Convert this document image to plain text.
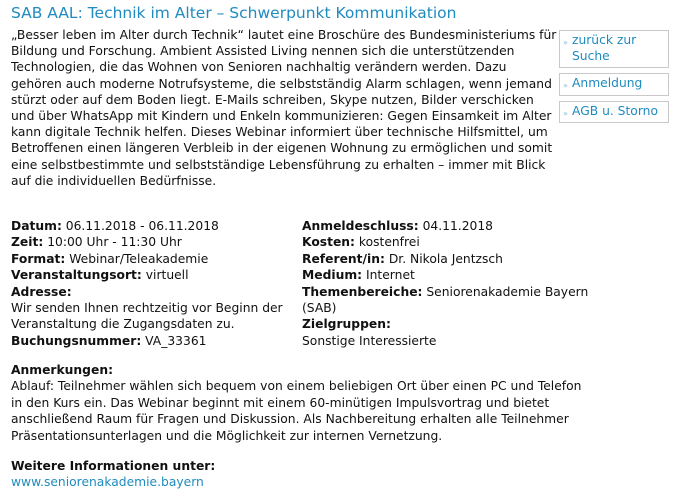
SAB AAL: Technik im Alter – Schwerpunkt Kommunikation

„Besser leben im Alter durch Technik“ lautet eine Broschüre des Bundesministeriums für Bildung und Forschung. Ambient Assisted Living nennen sich die unterstützenden Technologien, die das Wohnen von Senioren nachhaltig verändern werden. Dazu gehören auch moderne Notrufsysteme, die selbstständig Alarm schlagen, wenn jemand stürzt oder auf dem Boden liegt. E-Mails schreiben, Skype nutzen, Bilder verschicken und über WhatsApp mit Kindern und Enkeln kommunizieren: Gegen Einsamkeit im Alter kann digitale Technik helfen. Dieses Webinar informiert über technische Hilfsmittel, um Betroffenen einen längeren Verbleib in der eigenen Wohnung zu ermöglichen und somit eine selbstbestimmte und selbstständige Lebensführung zu erhalten – immer mit Blick auf die individuellen Bedürfnisse.

» zurück zur Suche
» Anmeldung
» AGB u. Storno
Datum: 06.11.2018 - 06.11.2018
Zeit: 10:00 Uhr - 11:30 Uhr
Format: Webinar/Teleakademie
Veranstaltungsort: virtuell
Adresse:
Wir senden Ihnen rechtzeitig vor Beginn der Veranstaltung die Zugangsdaten zu.
Buchungsnummer: VA_33361
Anmeldeschluss: 04.11.2018
Kosten: kostenfrei
Referent/in: Dr. Nikola Jentzsch
Medium: Internet
Themenbereiche: Seniorenakademie Bayern (SAB)
Zielgruppen:
Sonstige Interessierte
Anmerkungen:
Ablauf: Teilnehmer wählen sich bequem von einem beliebigen Ort über einen PC und Telefon in den Kurs ein. Das Webinar beginnt mit einem 60-minütigen Impulsvortrag und bietet anschließend Raum für Fragen und Diskussion. Als Nachbereitung erhalten alle Teilnehmer Präsentationsunterlagen und die Möglichkeit zur internen Vernetzung.
Weitere Informationen unter:
www.seniorenakademie.bayern
